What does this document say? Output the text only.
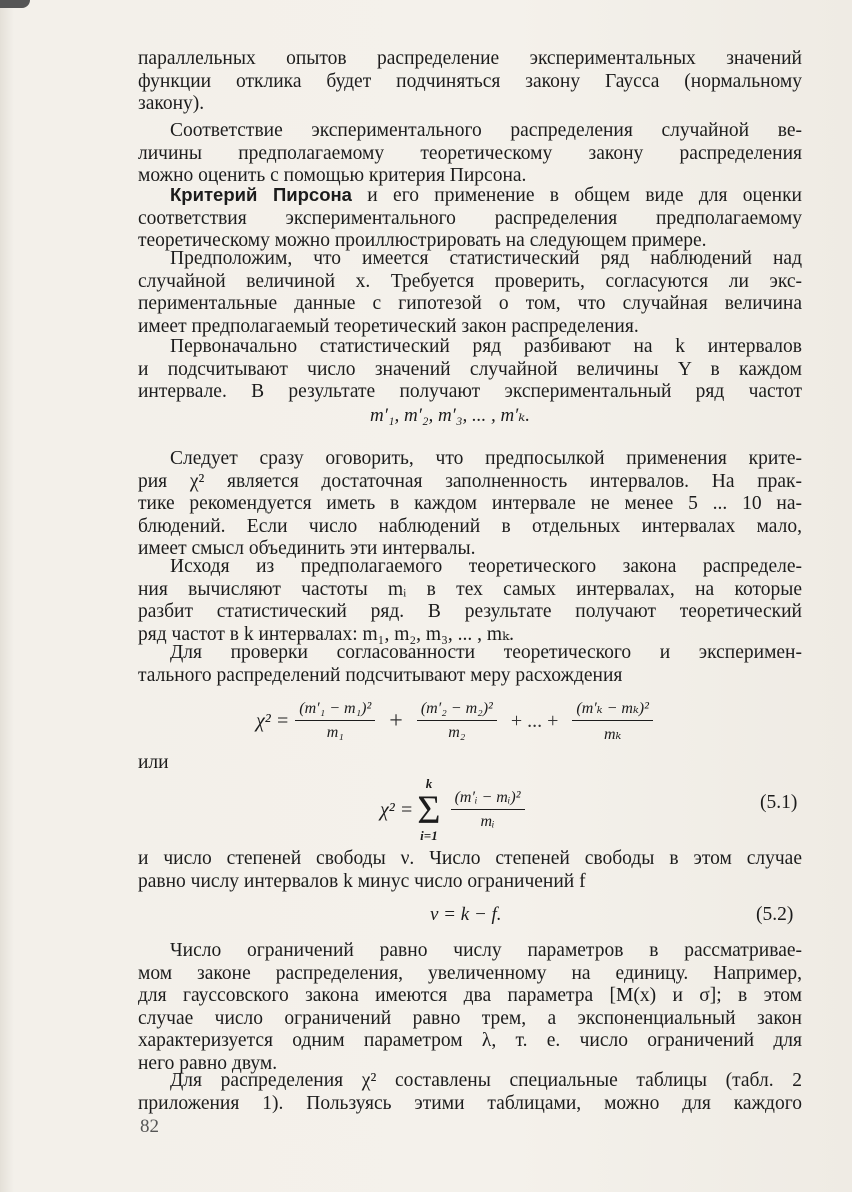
параллельных опытов распределение экспериментальных значений
функции отклика будет подчиняться закону Гаусса (нормальному
закону).
Соответствие экспериментального распределения случайной ве-
личины предполагаемому теоретическому закону распределения
можно оценить с помощью критерия Пирсона.
Критерий Пирсона и его применение в общем виде для оценки
соответствия экспериментального распределения предполагаемому
теоретическому можно проиллюстрировать на следующем примере.
Предположим, что имеется статистический ряд наблюдений над
случайной величиной x. Требуется проверить, согласуются ли экс-
периментальные данные с гипотезой о том, что случайная величина
имеет предполагаемый теоретический закон распределения.
Первоначально статистический ряд разбивают на k интервалов
и подсчитывают число значений случайной величины Y в каждом
интервале. В результате получают экспериментальный ряд частот
m′₁, m′₂, m′₃, ... , m′ₖ.
Следует сразу оговорить, что предпосылкой применения крите-
рия χ² является достаточная заполненность интервалов. На прак-
тике рекомендуется иметь в каждом интервале не менее 5 ... 10 на-
блюдений. Если число наблюдений в отдельных интервалах мало,
имеет смысл объединить эти интервалы.
Исходя из предполагаемого теоретического закона распределе-
ния вычисляют частоты mᵢ в тех самых интервалах, на которые
разбит статистический ряд. В результате получают теоретический
ряд частот в k интервалах: m₁, m₂, m₃, ... , mₖ.
Для проверки согласованности теоретического и эксперимен-
тального распределений подсчитывают меру расхождения
$\chi^2 = \frac{\text{(m′₁ − m₁)²}}{\text{m₁}} + \frac{\text{(m′₂ − m₂)²}}{\text{m₂}}$ + ... + $\frac{\text{(m′ₖ − mₖ)²}}{\text{mₖ}}$
или
χ² =
k
Σ
i=1
$\frac{\text{(m′ᵢ − mᵢ)²}}{\text{mᵢ}}$	(5.1)
и число степеней свободы ν. Число степеней свободы в этом случае
равно числу интервалов k минус число ограничений f
ν = k − f.	(5.2)
Число ограничений равно числу параметров в рассматривае-
мом законе распределения, увеличенному на единицу. Например,
для гауссовского закона имеются два параметра [M(x) и σ]; в этом
случае число ограничений равно трем, а экспоненциальный закон
характеризуется одним параметром λ, т. е. число ограничений для
него равно двум.
Для распределения χ² составлены специальные таблицы (табл. 2
приложения 1). Пользуясь этими таблицами, можно для каждого
82
